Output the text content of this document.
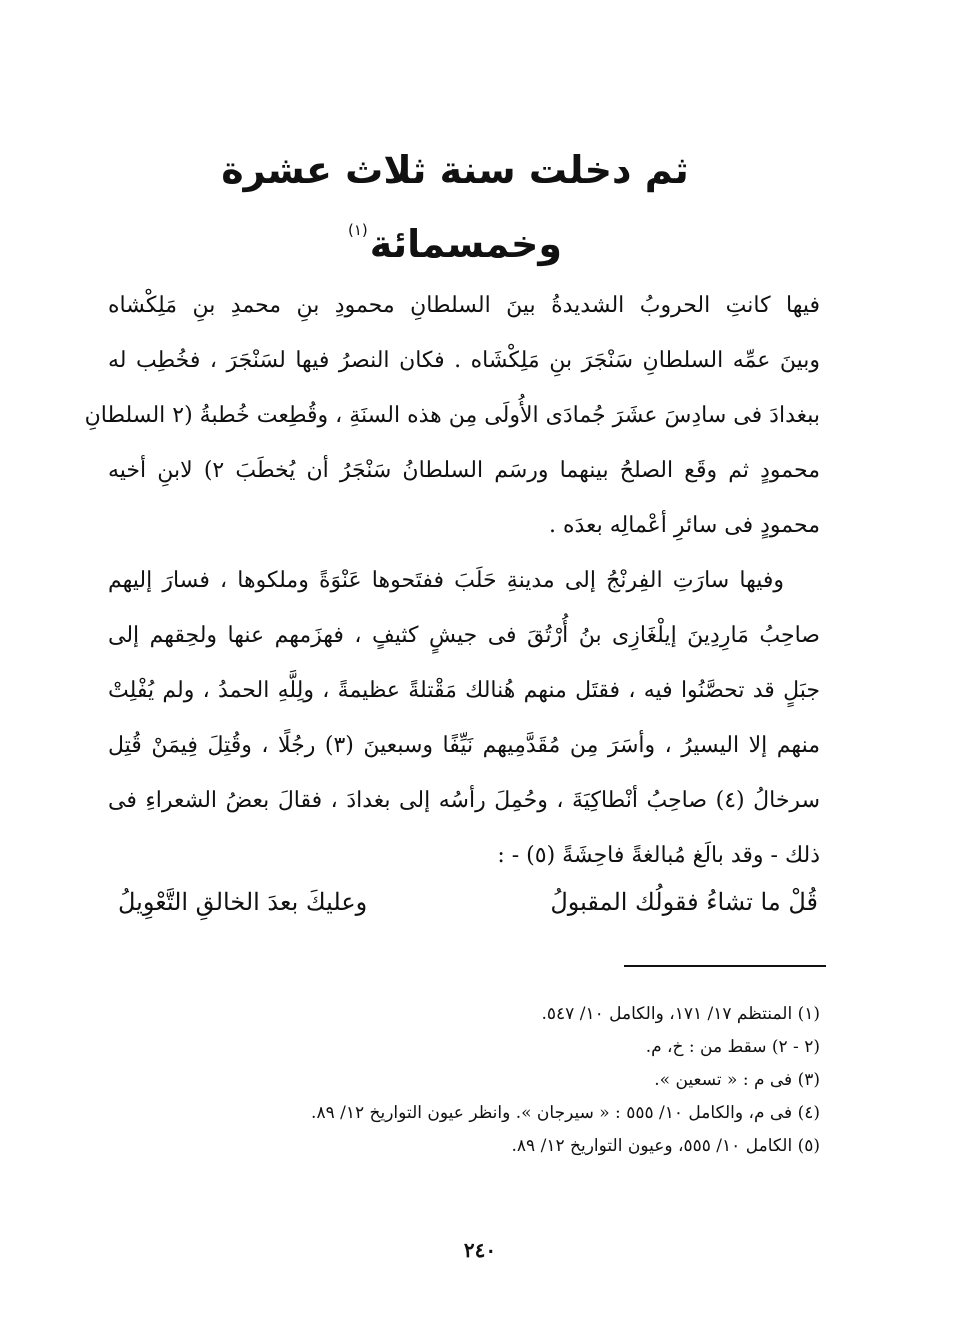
ثم دخلت سنة ثلاث عشرة وخمسمائة$^{(١)}$
فيها كانتِ الحروبُ الشديدةُ بينَ السلطانِ محمودِ بنِ محمدِ بنِ مَلِكْشاه
وبينَ عمِّه السلطانِ سَنْجَرَ بنِ مَلِكْشَاه . فكان النصرُ فيها لسَنْجَرَ ، فخُطِب له
ببغدادَ فى سادِسَ عشَرَ جُمادَى الأُولَى مِن هذه السنَةِ ، وقُطِعت خُطبةُ (٢ السلطانِ
محمودٍ ثم وقَع الصلحُ بينهما ورسَم السلطانُ سَنْجَرُ أن يُخطَبَ ٢) لابنِ أخيه
محمودٍ فى سائرِ أعْمالِه بعدَه .
وفيها سارَتِ الفِرنْجُ إلى مدينةِ حَلَبَ ففتَحوها عَنْوَةً وملكوها ، فسارَ إليهم
صاحِبُ مَارِدِينَ إيلْغَازِى بنُ أُرْتُقَ فى جيشٍ كثيفٍ ، فهزَمهم عنها ولحِقهم إلى
جبَلٍ قد تحصَّنُوا فيه ، فقتَل منهم هُنالك مَقْتلةً عظيمةً ، ولِلَّهِ الحمدُ ، ولم يُفْلِتْ
منهم إلا اليسيرُ ، وأسَرَ مِن مُقَدَّمِيهم نَيِّفًا وسبعينَ (٣) رجُلًا ، وقُتِلَ فِيمَنْ قُتِل
سرخالُ (٤) صاحِبُ أنْطاكِيَةَ ، وحُمِلَ رأسُه إلى بغدادَ ، فقالَ بعضُ الشعراءِ فى
ذلك - وقد بالَغ مُبالغةً فاحِشَةً (٥) - :
قُلْ ما تشاءُ فقولُك المقبولُ
وعليكَ بعدَ الخالقِ التَّعْوِيلُ
(١) المنتظم ١٧/ ١٧١، والكامل ١٠/ ٥٤٧.
(٢ - ٢) سقط من : خ، م.
(٣) فى م : « تسعين ».
(٤) فى م، والكامل ١٠/ ٥٥٥ : « سيرجان ». وانظر عيون التواريخ ١٢/ ٨٩.
(٥) الكامل ١٠/ ٥٥٥، وعيون التواريخ ١٢/ ٨٩.
٢٤٠
